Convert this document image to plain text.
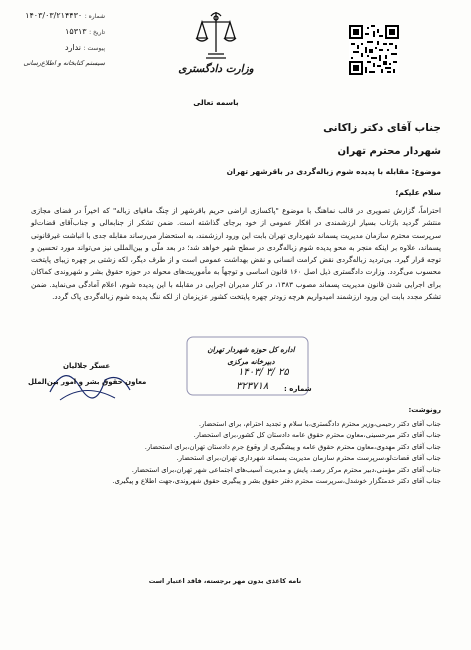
شماره : ۱۴۰۳/۰۳/۲۱۴۴۳۰
تاریخ : ۱۵۳۱۳
پیوست : ندارد
سیستم کتابخانه و اطلاع‌رسانی	وزارت دادگستری
باسمه تعالی
جناب آقای دکتر زاکانی
شهردار محترم تهران
موضوع: مقابله با پدیده شوم زباله‌گردی در باقرشهر تهران
سلام علیکم؛

احتراماً، گزارش تصویری در قالب نماهنگ با موضوع "پاکسازی اراضی حریم باقرشهر از چنگ مافیای زباله" که اخیراً در فضای مجازی منتشر گردید بازتاب بسیار ارزشمندی در افکار عمومی از خود برجای گذاشته است. ضمن تشکر از جنابعالی و جناب‌آقای قضات‌لو سرپرست محترم سازمان مدیریت پسماند شهرداری تهران بابت این ورود ارزشمند، به استحضار می‌رساند مقابله جدی با انباشت غیرقانونی پسماند، علاوه بر اینکه منجر به محو پدیده شوم زباله‌گردی در سطح شهر خواهد شد؛ در بعد ملّی و بین‌المللی نیز می‌تواند مورد تحسین و توجه قرار گیرد. بی‌تردید زباله‌گردی نقض کرامت انسانی و نقض بهداشت عمومی است و از طرف دیگر، لکه زشتی بر چهره زیبای پایتخت محسوب می‌گردد. وزارت دادگستری ذیل اصل ۱۶۰ قانون اساسی و توجهاً به مأموریت‌های محوله در حوزه حقوق بشر و شهروندی کماکان برای اجرایی شدن قانون مدیریت پسماند مصوب ۱۳۸۳، در کنار مدیران اجرایی در مقابله با این پدیده شوم، اعلام آمادگی می‌نماید. ضمن تشکر مجدد بابت این ورود ارزشمند امیدواریم هرچه زودتر چهره پایتخت کشور عزیزمان از لکه ننگ پدیده شوم زباله‌گردی پاک گردد.

عسگر جلالیان
معاون حقوق بشر و امور بین‌الملل
اداره کل حوزه شهردار تهران
دبیرخانه مرکزی
۱۴۰۳/ ۳/ ۲۵
۳۲۳۷۱۸ شماره :
رونوشت:
جناب آقای دکتر رحیمی،وزیر محترم دادگستری،با سلام و تجدید احترام، برای استحضار.
جناب آقای دکتر میرحسینی،معاون محترم حقوق عامه دادستان کل کشور،برای استحضار.
جناب آقای دکتر مهدوی،معاون محترم حقوق عامه و پیشگیری از وقوع جرم دادستان تهران،برای استحضار.
جناب آقای قضات‌لو،سرپرست محترم سازمان مدیریت پسماند شهرداری تهران،برای استحضار.
جناب آقای دکتر مؤمنی،دبیر محترم مرکز رصد، پایش و مدیریت آسیب‌های اجتماعی شهر تهران،برای استحضار.
جناب آقای دکتر خدمتگزار خوشدل،سرپرست محترم دفتر حقوق بشر و پیگیری حقوق شهروندی،جهت اطلاع و پیگیری.
نامه کاغذی بدون مهر برجسته، فاقد اعتبار است
